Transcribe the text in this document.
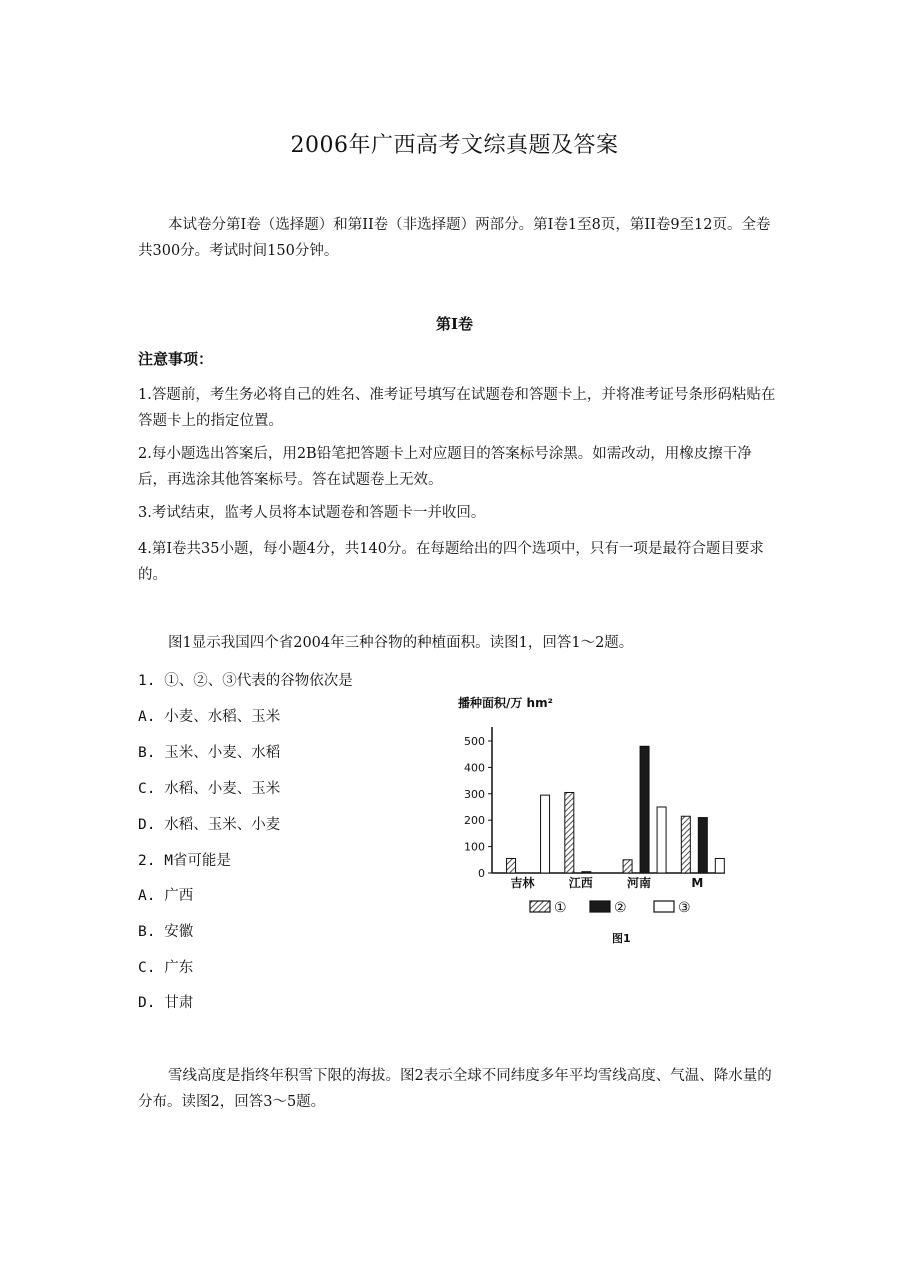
2006年广西高考文综真题及答案
本试卷分第I卷（选择题）和第II卷（非选择题）两部分。第I卷1至8页，第II卷9至12页。全卷共300分。考试时间150分钟。
第I卷
注意事项：
1.答题前，考生务必将自己的姓名、准考证号填写在试题卷和答题卡上，并将准考证号条形码粘贴在答题卡上的指定位置。
2.每小题选出答案后，用2B铅笔把答题卡上对应题目的答案标号涂黑。如需改动，用橡皮擦干净后，再选涂其他答案标号。答在试题卷上无效。
3.考试结束，监考人员将本试题卷和答题卡一并收回。
4.第I卷共35小题，每小题4分，共140分。在每题给出的四个选项中，只有一项是最符合题目要求的。
图1显示我国四个省2004年三种谷物的种植面积。读图1，回答1～2题。
1. ①、②、③代表的谷物依次是
A. 小麦、水稻、玉米
B. 玉米、小麦、水稻
C. 水稻、小麦、玉米
D. 水稻、玉米、小麦
2. M省可能是
A. 广西
B. 安徽
C. 广东
D. 甘肃
雪线高度是指终年积雪下限的海拔。图2表示全球不同纬度多年平均雪线高度、气温、降水量的分布。读图2，回答3～5题。
播种面积/万 hm²
0
100
200
300
400
500
吉林	江西	河南	M
①	②	③
图1
